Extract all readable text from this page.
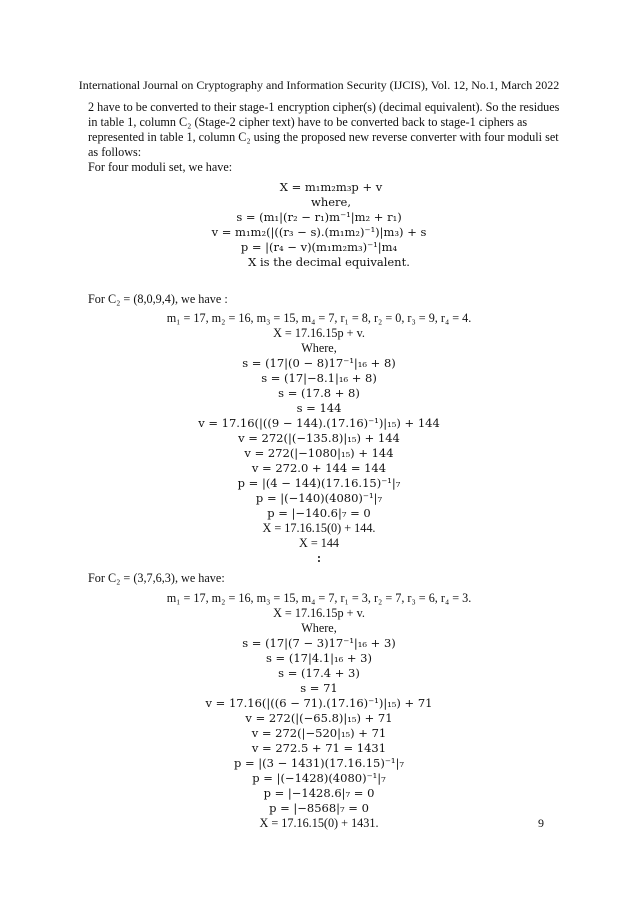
International Journal on Cryptography and Information Security (IJCIS), Vol. 12, No.1, March 2022
2 have to be converted to their stage-1 encryption cipher(s) (decimal equivalent). So the residues
in table 1, column C₂ (Stage-2 cipher text) have to be converted back to stage-1 ciphers as
represented in table 1, column C₂ using the proposed new reverse converter with four moduli set
as follows:
For four moduli set, we have:
X = m₁m₂m₃p + v
where,
s = (m₁|(r₂ − r₁)m⁻¹|m₂ + r₁)
v = m₁m₂(|((r₃ − s).(m₁m₂)⁻¹)|m₃) + s
p = |(r₄ − v)(m₁m₂m₃)⁻¹|m₄
X is the decimal equivalent.
For C₂ = (8,0,9,4), we have :
m₁ = 17, m₂ = 16, m₃ = 15, m₄ = 7, r₁ = 8, r₂ = 0, r₃ = 9, r₄ = 4.
X = 17.16.15p + v.
Where,
s = (17|(0 − 8)17⁻¹|₁₆ + 8)
s = (17|−8.1|₁₆ + 8)
s = (17.8 + 8)
s = 144
v = 17.16(|((9 − 144).(17.16)⁻¹)|₁₅) + 144
v = 272(|(−135.8)|₁₅) + 144
v = 272(|−1080|₁₅) + 144
v = 272.0 + 144 = 144
p = |(4 − 144)(17.16.15)⁻¹|₇
p = |(−140)(4080)⁻¹|₇
p = |−140.6|₇ = 0
X = 17.16.15(0) + 144.
X = 144
:
For C₂ = (3,7,6,3), we have:
m₁ = 17, m₂ = 16, m₃ = 15, m₄ = 7, r₁ = 3, r₂ = 7, r₃ = 6, r₄ = 3.
X = 17.16.15p + v.
Where,
s = (17|(7 − 3)17⁻¹|₁₆ + 3)
s = (17|4.1|₁₆ + 3)
s = (17.4 + 3)
s = 71
v = 17.16(|((6 − 71).(17.16)⁻¹)|₁₅) + 71
v = 272(|(−65.8)|₁₅) + 71
v = 272(|−520|₁₅) + 71
v = 272.5 + 71 = 1431
p = |(3 − 1431)(17.16.15)⁻¹|₇
p = |(−1428)(4080)⁻¹|₇
p = |−1428.6|₇ = 0
p = |−8568|₇ = 0
X = 17.16.15(0) + 1431.	9
